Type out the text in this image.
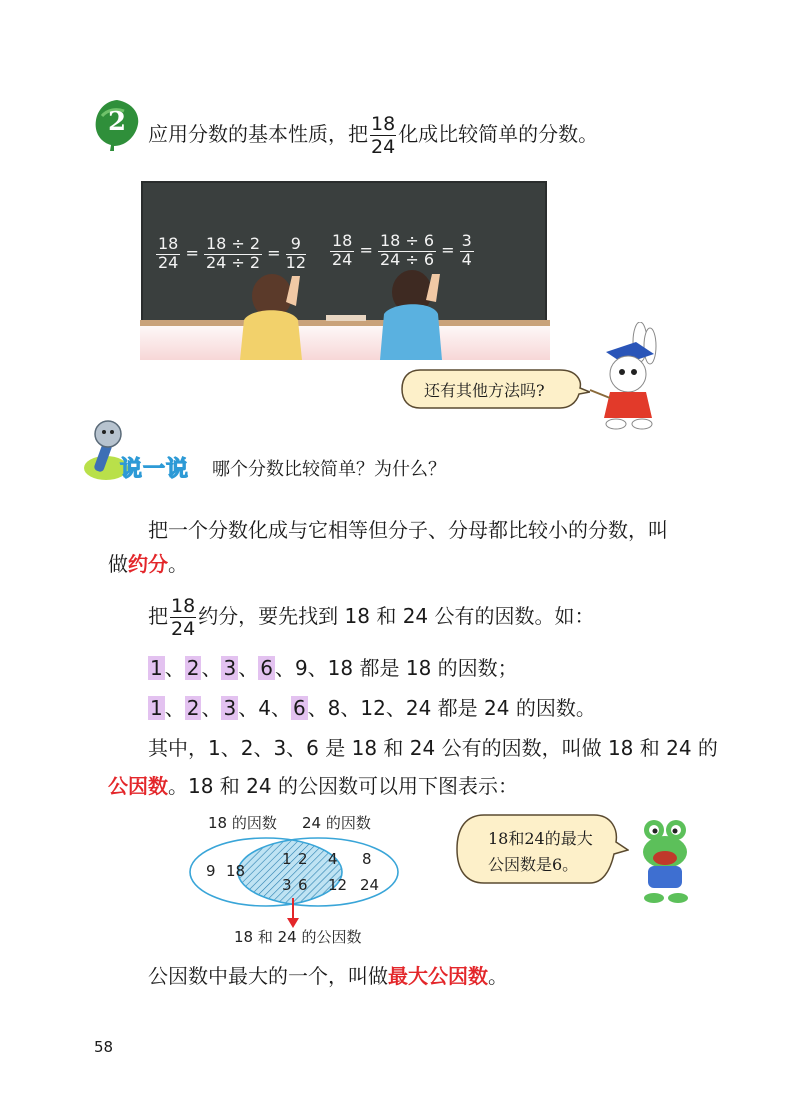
2 应用分数的基本性质，把 $\frac{18}{24}$ 化成比较简单的分数。
$\frac{18}{24} = \frac{18 \div 2}{24 \div 2} = \frac{9}{12} \frac{18}{24} = \frac{18 \div 6}{24 \div 6} = \frac{3}{4}$
还有其他方法吗?
说一说 哪个分数比较简单？为什么？
把一个分数化成与它相等但分子、分母都比较小的分数，叫
做约分。
把 $\frac{18}{24}$ 约分，要先找到 18 和 24 公有的因数。如：
1 、 2 、 3 、 6 、9、18 都是 18 的因数；
1 、 2 、 3 、4、 6 、8、12、24 都是 24 的因数。
其中，1、2、3、6 是 18 和 24 公有的因数，叫做 18 和 24 的
公因数。18 和 24 的公因数可以用下图表示：
18 的因数 24 的因数
9 18
1 2
3 6
4 8
12 24
18 和 24 的公因数
18和24的最大
公因数是6。
公因数中最大的一个，叫做最大公因数。
58
